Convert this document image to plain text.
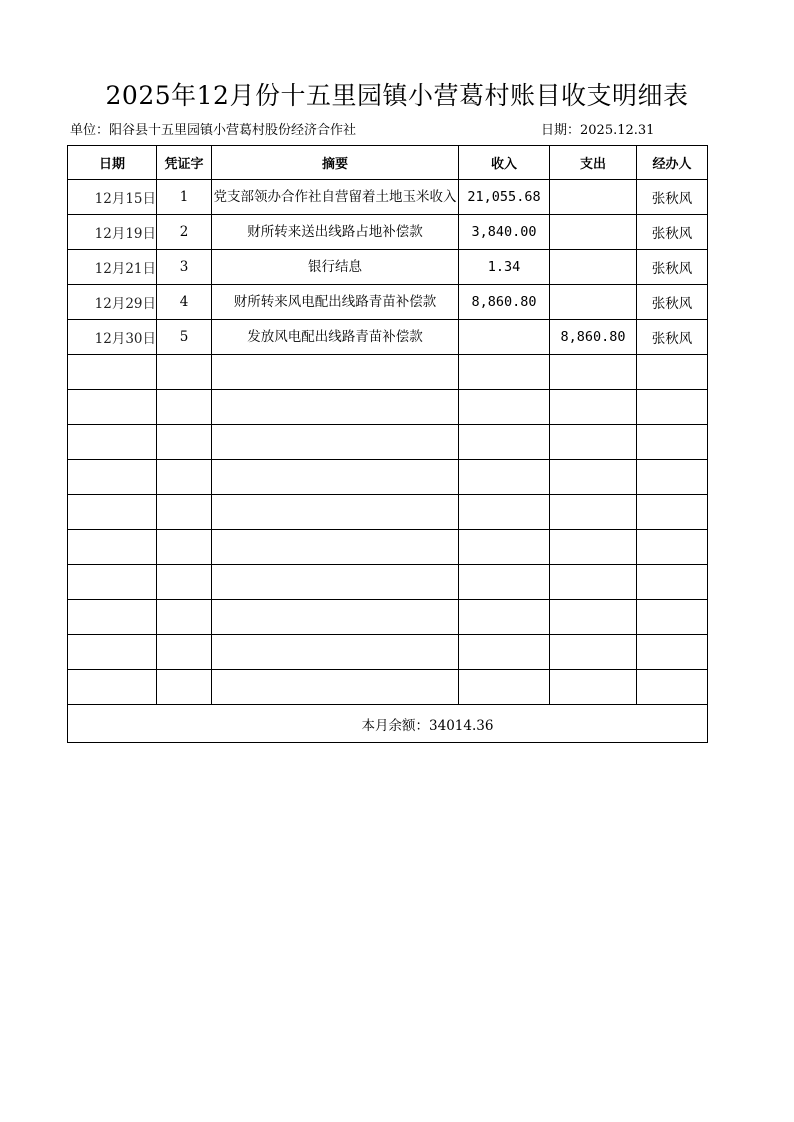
2025年12月份十五里园镇小营葛村账目收支明细表
单位：阳谷县十五里园镇小营葛村股份经济合作社	日期：2025.12.31
日期	凭证字	摘要	收入	支出	经办人
12月15日	1	党支部领办合作社自营留着土地玉米收入	21,055.68		张秋风
12月19日	2	财所转来送出线路占地补偿款	3,840.00		张秋风
12月21日	3	银行结息	1.34		张秋风
12月29日	4	财所转来风电配出线路青苗补偿款	8,860.80		张秋风
12月30日	5	发放风电配出线路青苗补偿款		8,860.80	张秋风

本月余额：34014.36					
